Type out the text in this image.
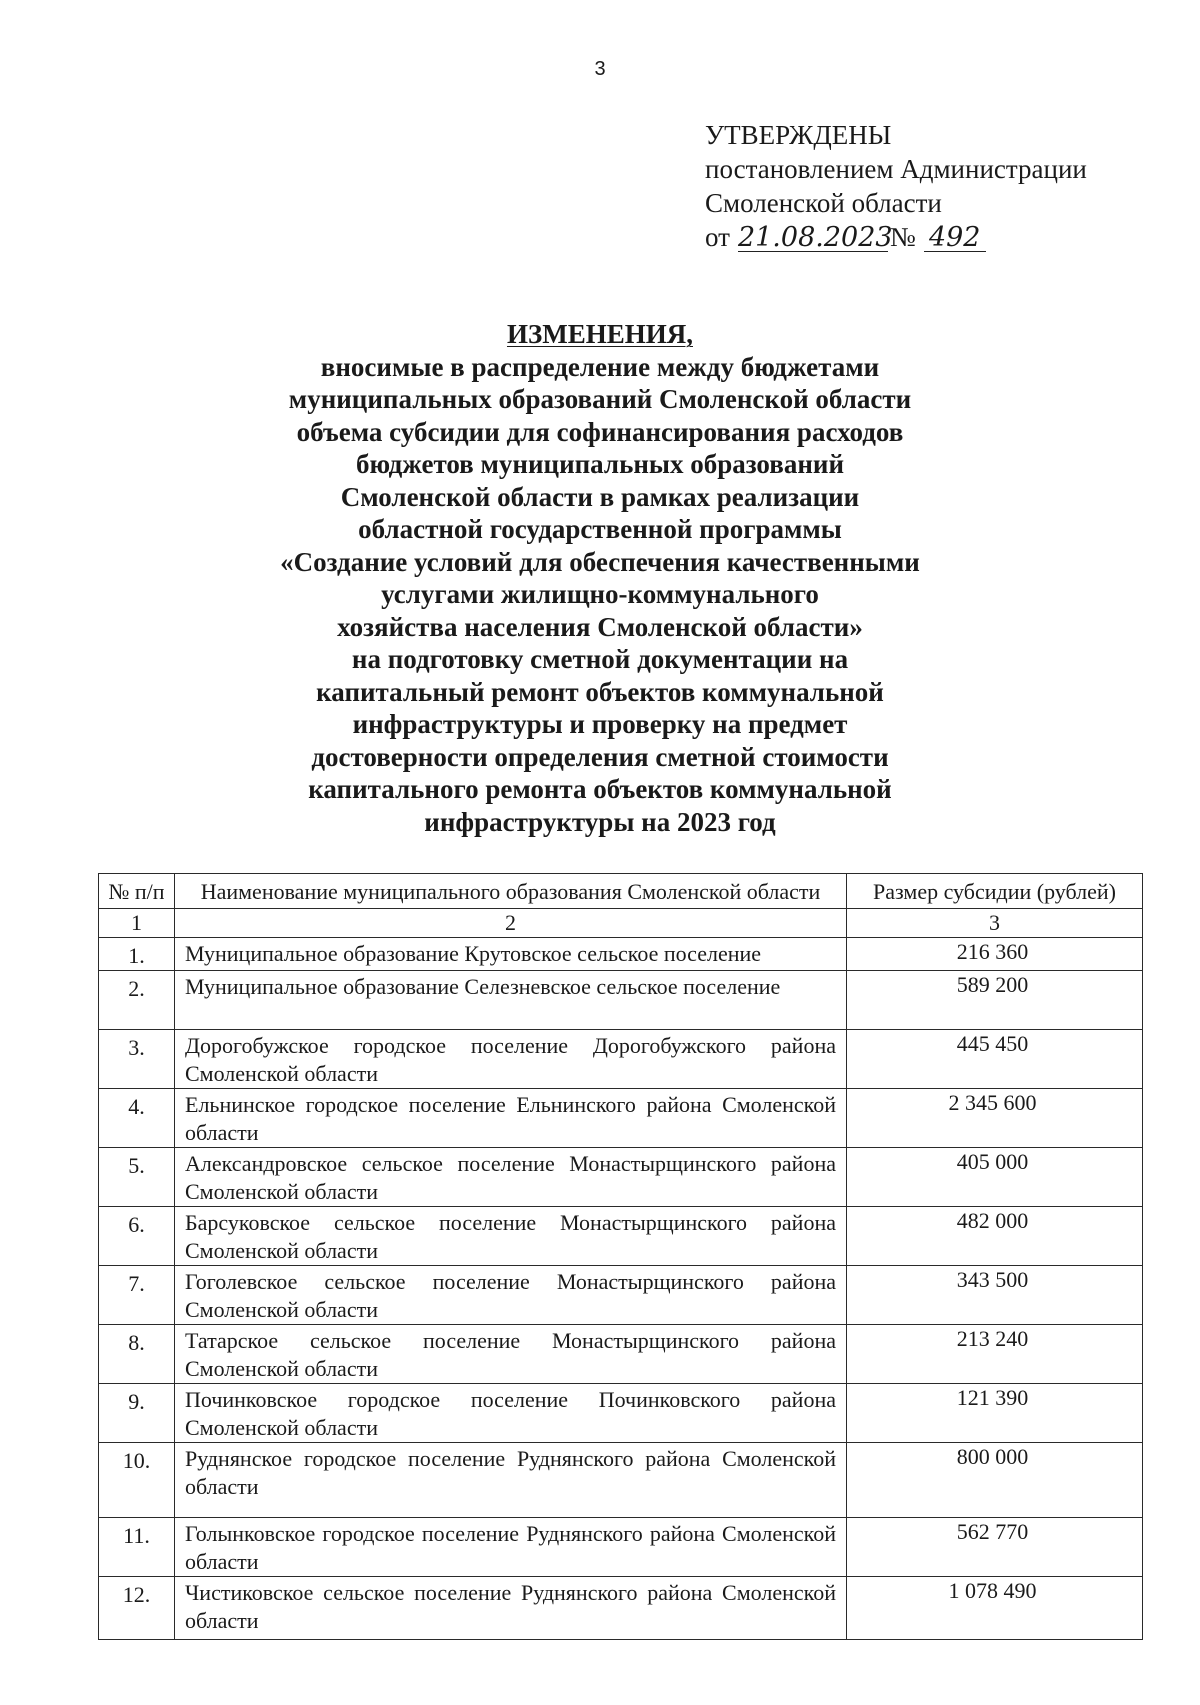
3
УТВЕРЖДЕНЫ
постановлением Администрации
Смоленской области
от 21.08.2023№ 492
ИЗМЕНЕНИЯ,
вносимые в распределение между бюджетами
муниципальных образований Смоленской области
объема субсидии для софинансирования расходов
бюджетов муниципальных образований
Смоленской области в рамках реализации
областной государственной программы
«Создание условий для обеспечения качественными
услугами жилищно-коммунального
хозяйства населения Смоленской области»
на подготовку сметной документации на
капитальный ремонт объектов коммунальной
инфраструктуры и проверку на предмет
достоверности определения сметной стоимости
капитального ремонта объектов коммунальной
инфраструктуры на 2023 год
№ п/п	Наименование муниципального образования Смоленской области	Размер субсидии (рублей)
1	2	3
1.	Муниципальное образование Крутовское сельское поселение	216 360
2.	Муниципальное образование Селезневское сельское поселение	589 200
3.	Дорогобужское городское поселение Дорогобужского района Смоленской области	445 450
4.	Ельнинское городское поселение Ельнинского района Смоленской области	2 345 600
5.	Александровское сельское поселение Монастырщинского района Смоленской области	405 000
6.	Барсуковское сельское поселение Монастырщинского района Смоленской области	482 000
7.	Гоголевское сельское поселение Монастырщинского района Смоленской области	343 500
8.	Татарское сельское поселение Монастырщинского района Смоленской области	213 240
9.	Починковское городское поселение Починковского района Смоленской области	121 390
10.	Руднянское городское поселение Руднянского района Смоленской области	800 000
11.	Голынковское городское поселение Руднянского района Смоленской области	562 770
12.	Чистиковское сельское поселение Руднянского района Смоленской области	1 078 490
